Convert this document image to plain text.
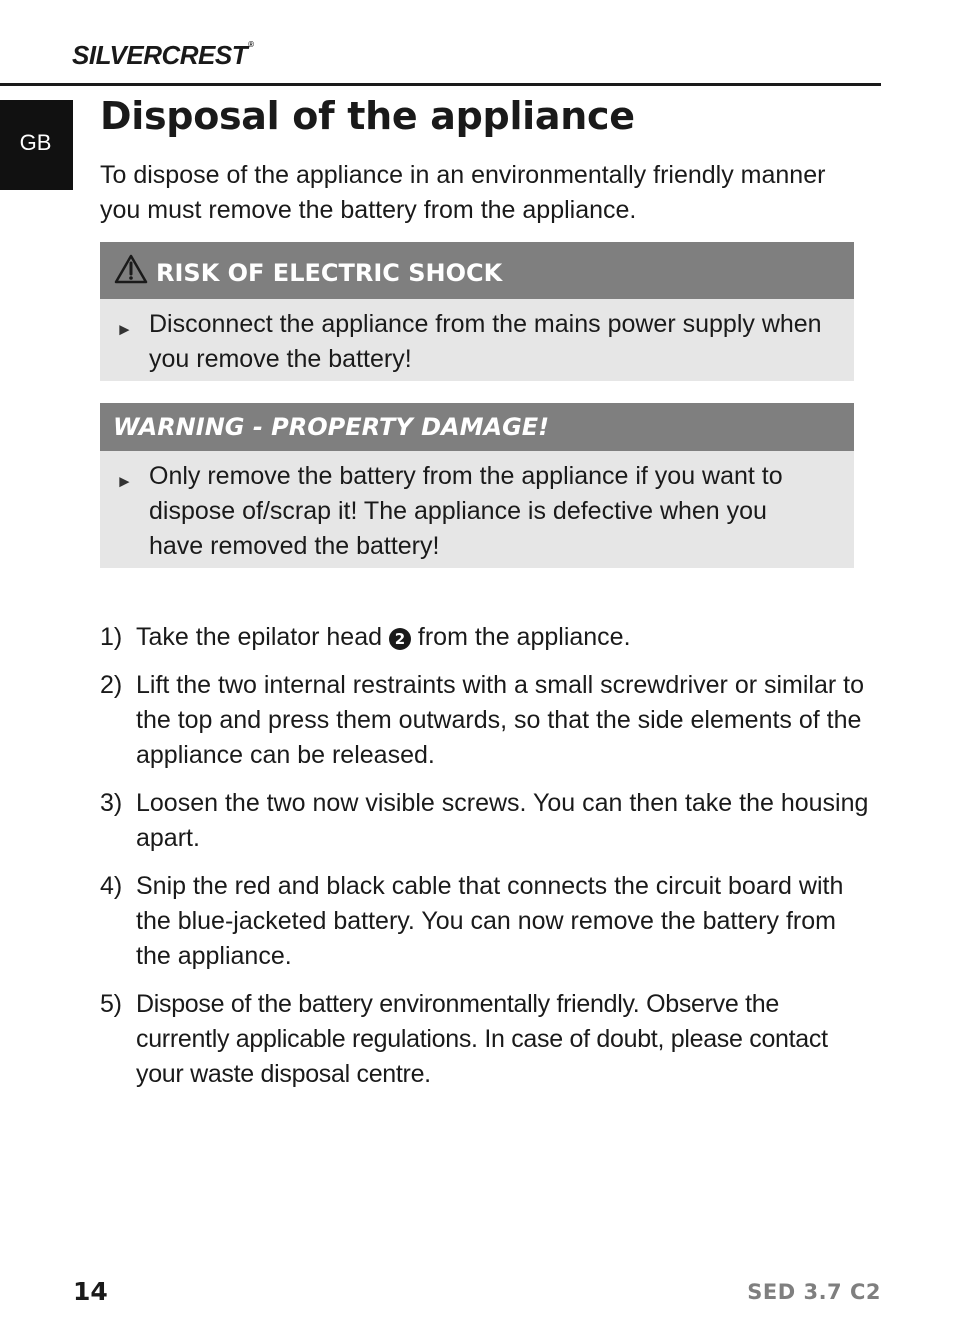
SILVERCREST®
GB
Disposal of the appliance

To dispose of the appliance in an environmentally friendly manner you must remove the battery from the appliance.

RISK OF ELECTRIC SHOCK
► Disconnect the appliance from the mains power supply when you remove the battery!
WARNING - PROPERTY DAMAGE!
► Only remove the battery from the appliance if you want to dispose of/scrap it! The appliance is defective when you have removed the battery!
1) Take the epilator head 2 from the appliance.
2) Lift the two internal restraints with a small screwdriver or similar to the top and press them outwards, so that the side elements of the appliance can be released.
3) Loosen the two now visible screws. You can then take the housing apart.
4) Snip the red and black cable that connects the circuit board with the blue-jacketed battery. You can now remove the battery from the appliance.
5) Dispose of the battery environmentally friendly. Observe the currently applicable regulations. In case of doubt, please contact your waste disposal centre.
14	SED 3.7 C2
